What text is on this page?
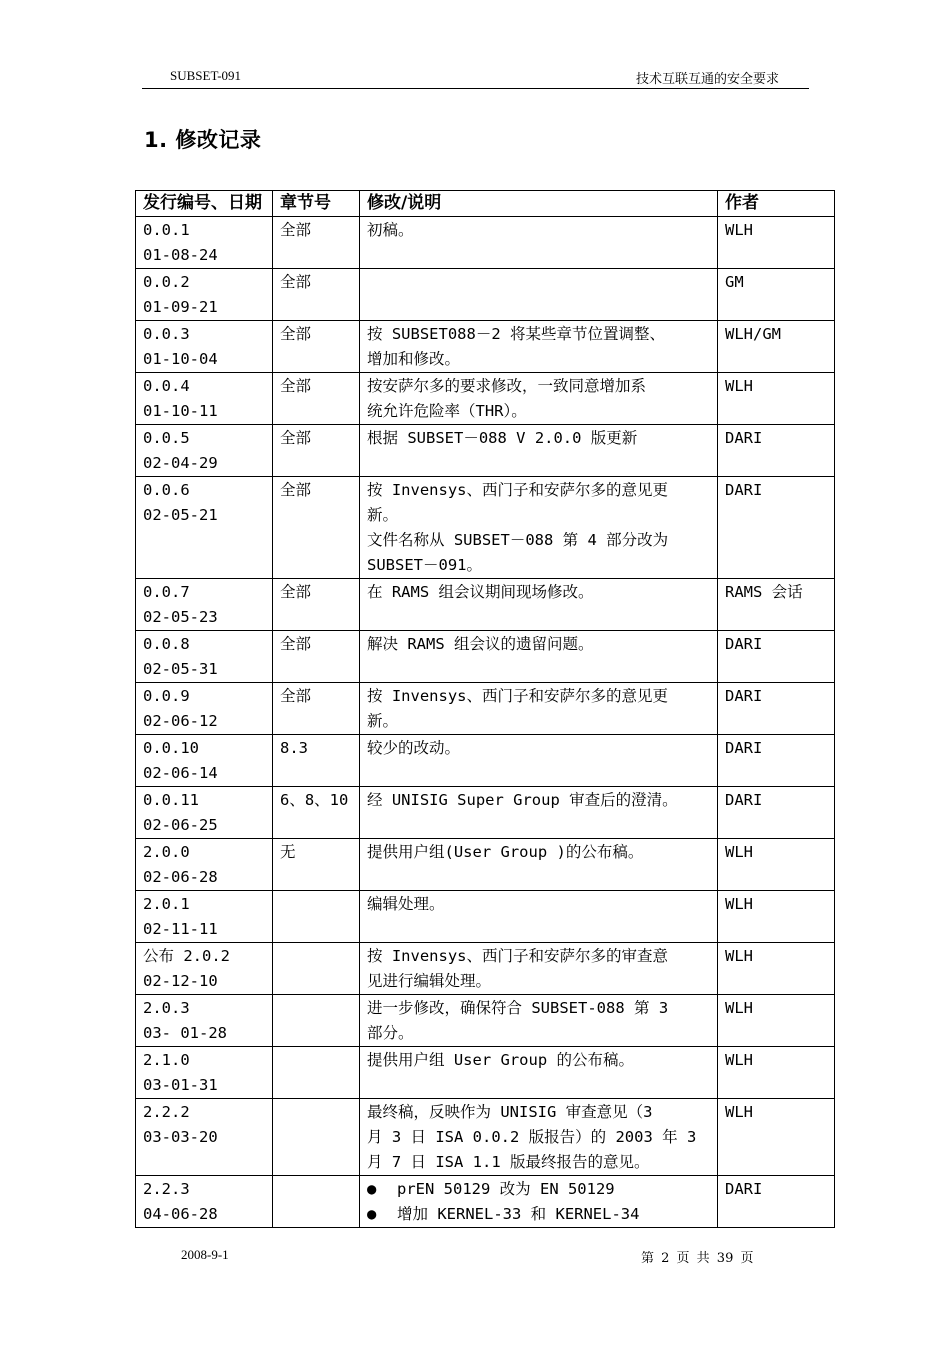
SUBSET-091	技术互联互通的安全要求
1. 修改记录
发行编号、日期	章节号	修改/说明	作者

0.0.1
01-08-24	全部	初稿。	WLH

0.0.2
01-09-21	全部		GM

0.0.3
01-10-04	全部	按 SUBSET088－2 将某些章节位置调整、
增加和修改。	WLH/GM

0.0.4
01-10-11	全部	按安萨尔多的要求修改，一致同意增加系
统允许危险率（THR）。	WLH

0.0.5
02-04-29	全部	根据 SUBSET－088 V 2.0.0 版更新	DARI

0.0.6
02-05-21	全部	按 Invensys、西门子和安萨尔多的意见更
新。
文件名称从 SUBSET－088 第 4 部分改为
SUBSET－091。	DARI

0.0.7
02-05-23	全部	在 RAMS 组会议期间现场修改。	RAMS 会话

0.0.8
02-05-31	全部	解决 RAMS 组会议的遗留问题。	DARI

0.0.9
02-06-12	全部	按 Invensys、西门子和安萨尔多的意见更
新。	DARI

0.0.10
02-06-14	8.3	较少的改动。	DARI

0.0.11
02-06-25	6、8、10	经 UNISIG Super Group 审查后的澄清。	DARI

2.0.0
02-06-28	无	提供用户组(User Group )的公布稿。	WLH

2.0.1
02-11-11		编辑处理。	WLH

公布 2.0.2
02-12-10		按 Invensys、西门子和安萨尔多的审查意
见进行编辑处理。	WLH

2.0.3
03- 01-28		进一步修改，确保符合 SUBSET-088 第 3
部分。	WLH

2.1.0
03-01-31		提供用户组 User Group 的公布稿。	WLH

2.2.2
03-03-20		最终稿，反映作为 UNISIG 审查意见（3
月 3 日 ISA 0.0.2 版报告）的 2003 年 3
月 7 日 ISA 1.1 版最终报告的意见。	WLH

2.2.3
04-06-28		● prEN 50129 改为 EN 50129
● 增加 KERNEL-33 和 KERNEL-34	DARI
2008-9-1	第 2 页 共 39 页
